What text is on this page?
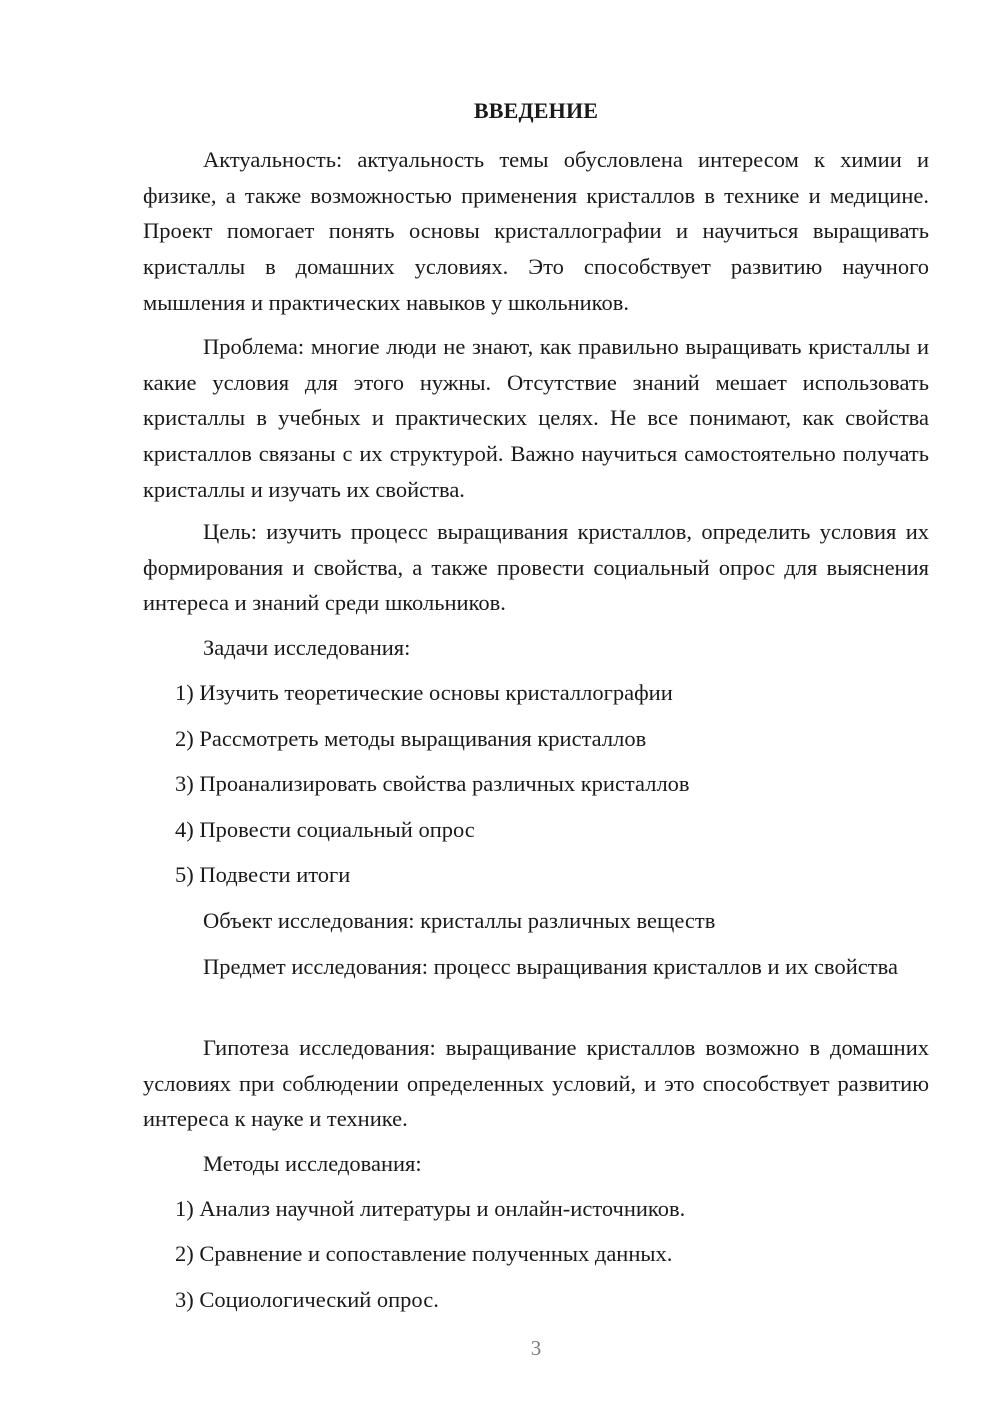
ВВЕДЕНИЕ
Актуальность: актуальность темы обусловлена интересом к химии и физике, а также возможностью применения кристаллов в технике и медицине. Проект помогает понять основы кристаллографии и научиться выращивать кристаллы в домашних условиях. Это способствует развитию научного мышления и практических навыков у школьников.
Проблема: многие люди не знают, как правильно выращивать кристаллы и какие условия для этого нужны. Отсутствие знаний мешает использовать кристаллы в учебных и практических целях. Не все понимают, как свойства кристаллов связаны с их структурой. Важно научиться самостоятельно получать кристаллы и изучать их свойства.
Цель: изучить процесс выращивания кристаллов, определить условия их формирования и свойства, а также провести социальный опрос для выяснения интереса и знаний среди школьников.
Задачи исследования:
1) Изучить теоретические основы кристаллографии
2) Рассмотреть методы выращивания кристаллов
3) Проанализировать свойства различных кристаллов
4) Провести социальный опрос
5) Подвести итоги
Объект исследования: кристаллы различных веществ
Предмет исследования: процесс выращивания кристаллов и их свойства
Гипотеза исследования: выращивание кристаллов возможно в домашних условиях при соблюдении определенных условий, и это способствует развитию интереса к науке и технике.
Методы исследования:
1) Анализ научной литературы и онлайн-источников.
2) Сравнение и сопоставление полученных данных.
3) Социологический опрос.
3
